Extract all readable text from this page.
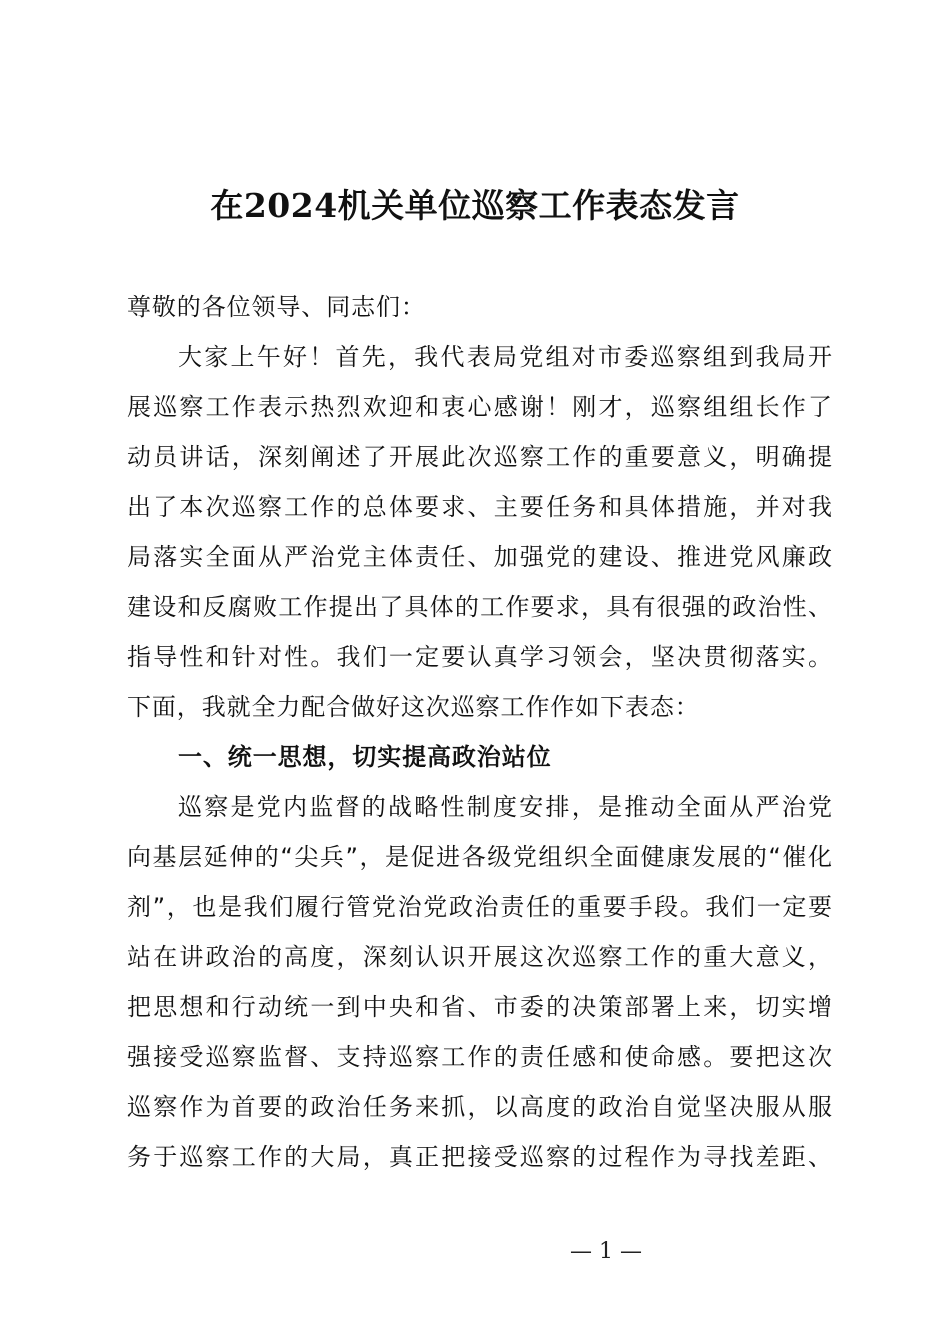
在2024机关单位巡察工作表态发言
尊敬的各位领导、同志们：
大家上午好！首先，我代表局党组对市委巡察组到我局开
展巡察工作表示热烈欢迎和衷心感谢！刚才，巡察组组长作了
动员讲话，深刻阐述了开展此次巡察工作的重要意义，明确提
出了本次巡察工作的总体要求、主要任务和具体措施，并对我
局落实全面从严治党主体责任、加强党的建设、推进党风廉政
建设和反腐败工作提出了具体的工作要求，具有很强的政治性、
指导性和针对性。我们一定要认真学习领会，坚决贯彻落实。
下面，我就全力配合做好这次巡察工作作如下表态：
一、统一思想，切实提高政治站位
巡察是党内监督的战略性制度安排，是推动全面从严治党
向基层延伸的“尖兵”，是促进各级党组织全面健康发展的“催化
剂”，也是我们履行管党治党政治责任的重要手段。我们一定要
站在讲政治的高度，深刻认识开展这次巡察工作的重大意义，
把思想和行动统一到中央和省、市委的决策部署上来，切实增
强接受巡察监督、支持巡察工作的责任感和使命感。要把这次
巡察作为首要的政治任务来抓，以高度的政治自觉坚决服从服
务于巡察工作的大局，真正把接受巡察的过程作为寻找差距、
— 1 —
